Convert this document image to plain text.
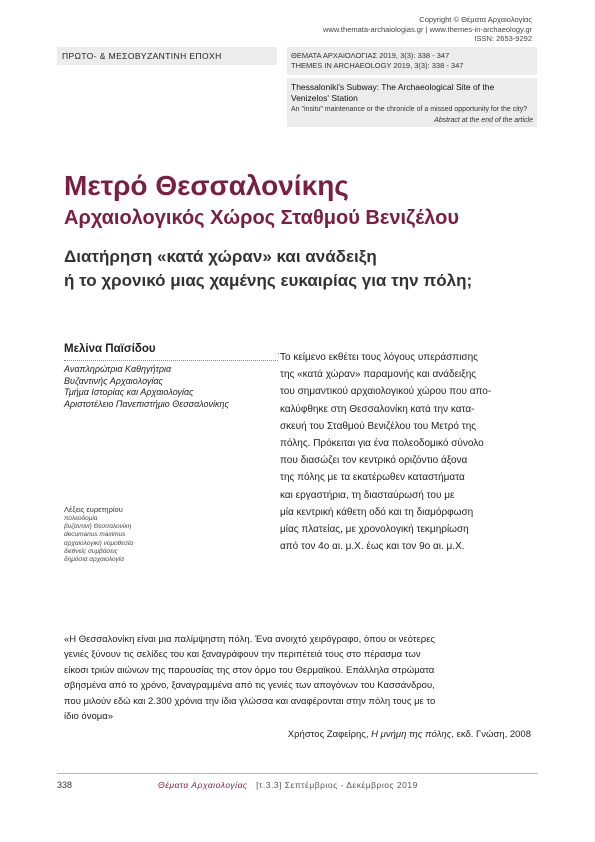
Copyright © Θέματα Αρχαιολογίας
www.themata-archaiologias.gr | www.themes-in-archaeology.gr
ISSN: 2653-9292
ΠΡΩΤΟ- & ΜΕΣΟΒΥΖΑΝΤΙΝΗ ΕΠΟΧΗ	ΘΕΜΑΤΑ ΑΡΧΑΙΟΛΟΓΙΑΣ 2019, 3(3): 338 - 347
THEMES IN ARCHAEOLOGY 2019, 3(3): 338 - 347
Thessaloniki's Subway: The Archaeological Site of the Venizelos' Station
An "insitu" maintenance or the chronicle of a missed opportunity for the city?
Abstract at the end of the article
Μετρό Θεσσαλονίκης
Αρχαιολογικός Χώρος Σταθμού Βενιζέλου
Διατήρηση «κατά χώραν» και ανάδειξη
ή το χρονικό μιας χαμένης ευκαιρίας για την πόλη;
Μελίνα Παϊσίδου
Αναπληρώτρια Καθηγήτρια
Βυζαντινής Αρχαιολογίας
Τμήμα Ιστορίας και Αρχαιολογίας
Αριστοτέλειο Πανεπιστήμιο Θεσσαλονίκης
Λέξεις ευρετηρίου
πολεοδομία
βυζαντινή Θεσσαλονίκη
decumanus maximus
αρχαιολογική νομοθεσία
διεθνείς συμβάσεις
δημόσια αρχαιολογία
Το κείμενο εκθέτει τους λόγους υπεράσπισης
της «κατά χώραν» παραμονής και ανάδειξης
του σημαντικού αρχαιολογικού χώρου που απο-
καλύφθηκε στη Θεσσαλονίκη κατά την κατα-
σκευή του Σταθμού Βενιζέλου του Μετρό της
πόλης. Πρόκειται για ένα πολεοδομικό σύνολο
που διασώζει τον κεντρικό οριζόντιο άξονα
της πόλης με τα εκατέρωθεν καταστήματα
και εργαστήρια, τη διασταύρωσή του με
μία κεντρική κάθετη οδό και τη διαμόρφωση
μίας πλατείας, με χρονολογική τεκμηρίωση
από τον 4ο αι. μ.Χ. έως και τον 9ο αι. μ.Χ.
«Η Θεσσαλονίκη είναι μια παλίμψηστη πόλη. Ένα ανοιχτό χειρόγραφο, όπου οι νεότερες
γενιές ξύνουν τις σελίδες του και ξαναγράφουν την περιπέτειά τους στο πέρασμα των
είκοσι τριών αιώνων της παρουσίας της στον όρμο του Θερμαϊκού. Επάλληλα στρώματα
σβησμένα από το χρόνο, ξαναγραμμένα από τις γενιές των απογόνων του Κασσάνδρου,
που μιλούν εδώ και 2.300 χρόνια την ίδια γλώσσα και αναφέρονται στην πόλη τους με το
ίδιο όνομα»
Χρήστος Ζαφείρης, Η μνήμη της πόλης, εκδ. Γνώση, 2008
338	Θέματα Αρχαιολογίας [τ.3.3] Σεπτέμβριος - Δεκέμβριος 2019
